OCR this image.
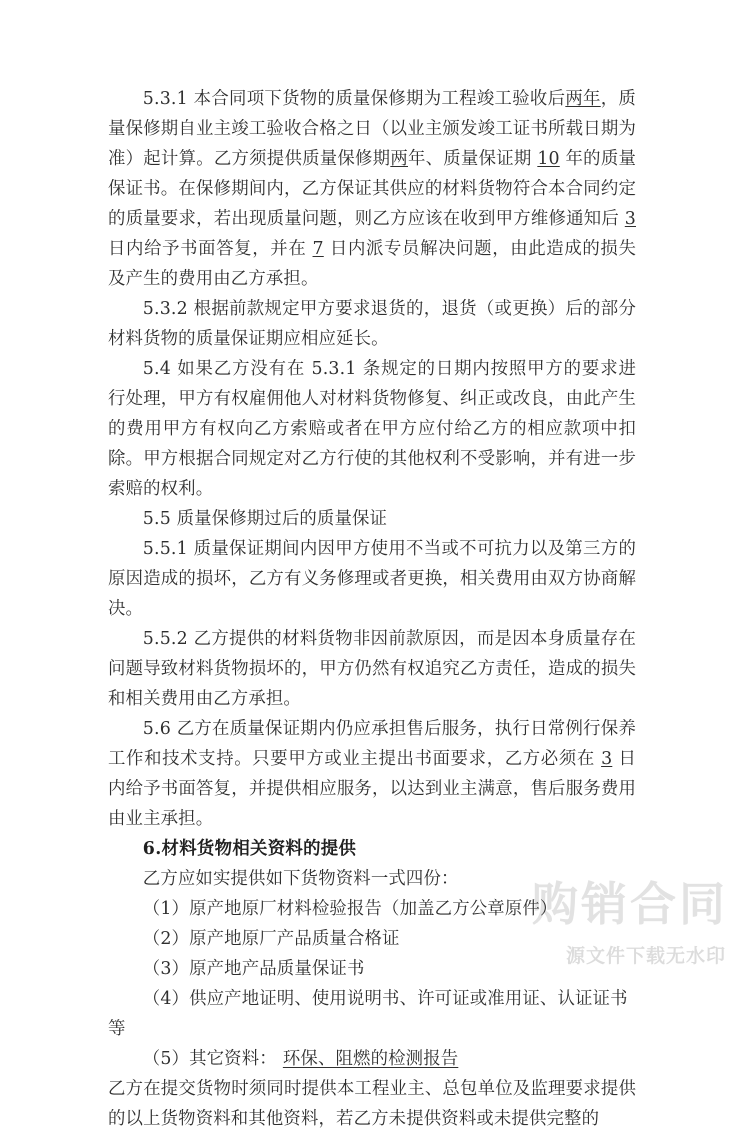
购销合同
源文件下载无水印

5.3.1 本合同项下货物的质量保修期为工程竣工验收后两年，质量保修期自业主竣工验收合格之日（以业主颁发竣工证书所载日期为准）起计算。乙方须提供质量保修期两年、质量保证期 10 年的质量保证书。在保修期间内，乙方保证其供应的材料货物符合本合同约定的质量要求，若出现质量问题，则乙方应该在收到甲方维修通知后 3 日内给予书面答复，并在 7 日内派专员解决问题，由此造成的损失及产生的费用由乙方承担。

5.3.2 根据前款规定甲方要求退货的，退货（或更换）后的部分材料货物的质量保证期应相应延长。

5.4 如果乙方没有在 5.3.1 条规定的日期内按照甲方的要求进行处理，甲方有权雇佣他人对材料货物修复、纠正或改良，由此产生的费用甲方有权向乙方索赔或者在甲方应付给乙方的相应款项中扣除。甲方根据合同规定对乙方行使的其他权利不受影响，并有进一步索赔的权利。

5.5 质量保修期过后的质量保证

5.5.1 质量保证期间内因甲方使用不当或不可抗力以及第三方的原因造成的损坏，乙方有义务修理或者更换，相关费用由双方协商解决。

5.5.2 乙方提供的材料货物非因前款原因，而是因本身质量存在问题导致材料货物损坏的，甲方仍然有权追究乙方责任，造成的损失和相关费用由乙方承担。

5.6 乙方在质量保证期内仍应承担售后服务，执行日常例行保养工作和技术支持。只要甲方或业主提出书面要求，乙方必须在 3 日内给予书面答复，并提供相应服务，以达到业主满意，售后服务费用由业主承担。

6.材料货物相关资料的提供

乙方应如实提供如下货物资料一式四份：

（1）原产地原厂材料检验报告（加盖乙方公章原件）

（2）原产地原厂产品质量合格证

（3）原产地产品质量保证书

（4）供应产地证明、使用说明书、许可证或准用证、认证证书等

（5）其它资料： 环保、阻燃的检测报告

乙方在提交货物时须同时提供本工程业主、总包单位及监理要求提供的以上货物资料和其他资料，若乙方未提供资料或未提供完整的
